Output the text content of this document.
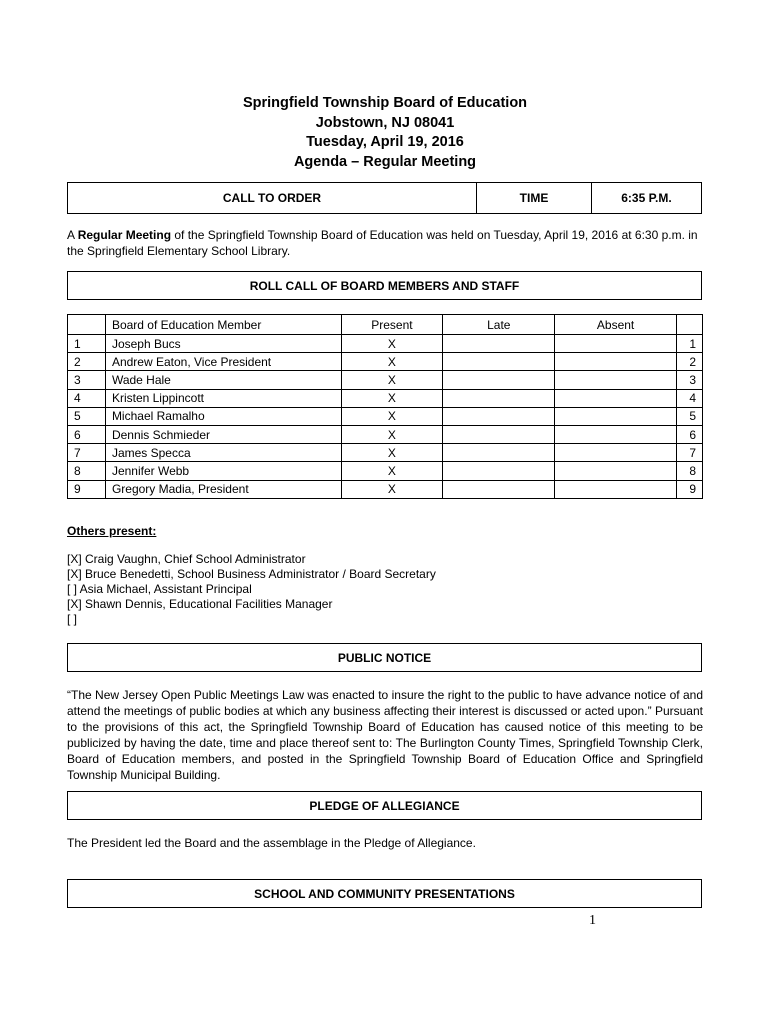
Springfield Township Board of Education
Jobstown, NJ 08041
Tuesday, April 19, 2016
Agenda – Regular Meeting
CALL TO ORDER	TIME	6:35 P.M.
A Regular Meeting of the Springfield Township Board of Education was held on Tuesday, April 19, 2016 at 6:30 p.m. in the Springfield Elementary School Library.
ROLL CALL OF BOARD MEMBERS AND STAFF
	Board of Education Member	Present	Late	Absent	
1	Joseph Bucs	X			1
2	Andrew Eaton, Vice President	X			2
3	Wade Hale	X			3
4	Kristen Lippincott	X			4
5	Michael Ramalho	X			5
6	Dennis Schmieder	X			6
7	James Specca	X			7
8	Jennifer Webb	X			8
9	Gregory Madia, President	X			9
Others present:
[X] Craig Vaughn, Chief School Administrator
[X] Bruce Benedetti, School Business Administrator / Board Secretary
[ ] Asia Michael, Assistant Principal
[X] Shawn Dennis, Educational Facilities Manager
[ ]
PUBLIC NOTICE
“The New Jersey Open Public Meetings Law was enacted to insure the right to the public to have advance notice of and attend the meetings of public bodies at which any business affecting their interest is discussed or acted upon.” Pursuant to the provisions of this act, the Springfield Township Board of Education has caused notice of this meeting to be publicized by having the date, time and place thereof sent to: The Burlington County Times, Springfield Township Clerk, Board of Education members, and posted in the Springfield Township Board of Education Office and Springfield Township Municipal Building.
PLEDGE OF ALLEGIANCE
The President led the Board and the assemblage in the Pledge of Allegiance.
SCHOOL AND COMMUNITY PRESENTATIONS
1
